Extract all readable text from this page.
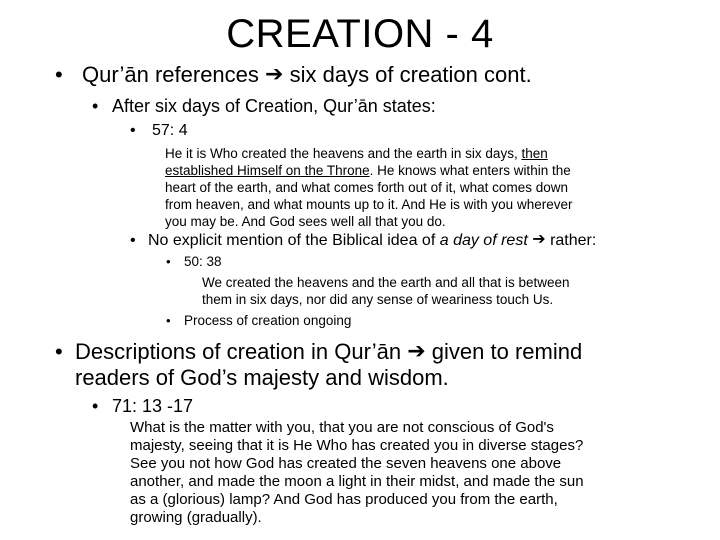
CREATION - 4
• Qur’ān references ➔ six days of creation cont.
• After six days of Creation, Qur’ān states:
• 57: 4
He it is Who created the heavens and the earth in six days, then
established Himself on the Throne. He knows what enters within the
heart of the earth, and what comes forth out of it, what comes down
from heaven, and what mounts up to it. And He is with you wherever
you may be. And God sees well all that you do.
• No explicit mention of the Biblical idea of a day of rest ➔ rather:
• 50: 38
We created the heavens and the earth and all that is between
them in six days, nor did any sense of weariness touch Us.
• Process of creation ongoing
• Descriptions of creation in Qur’ān ➔ given to remind
readers of God’s majesty and wisdom.
• 71: 13 -17
What is the matter with you, that you are not conscious of God's
majesty, seeing that it is He Who has created you in diverse stages?
See you not how God has created the seven heavens one above
another, and made the moon a light in their midst, and made the sun
as a (glorious) lamp? And God has produced you from the earth,
growing (gradually).
